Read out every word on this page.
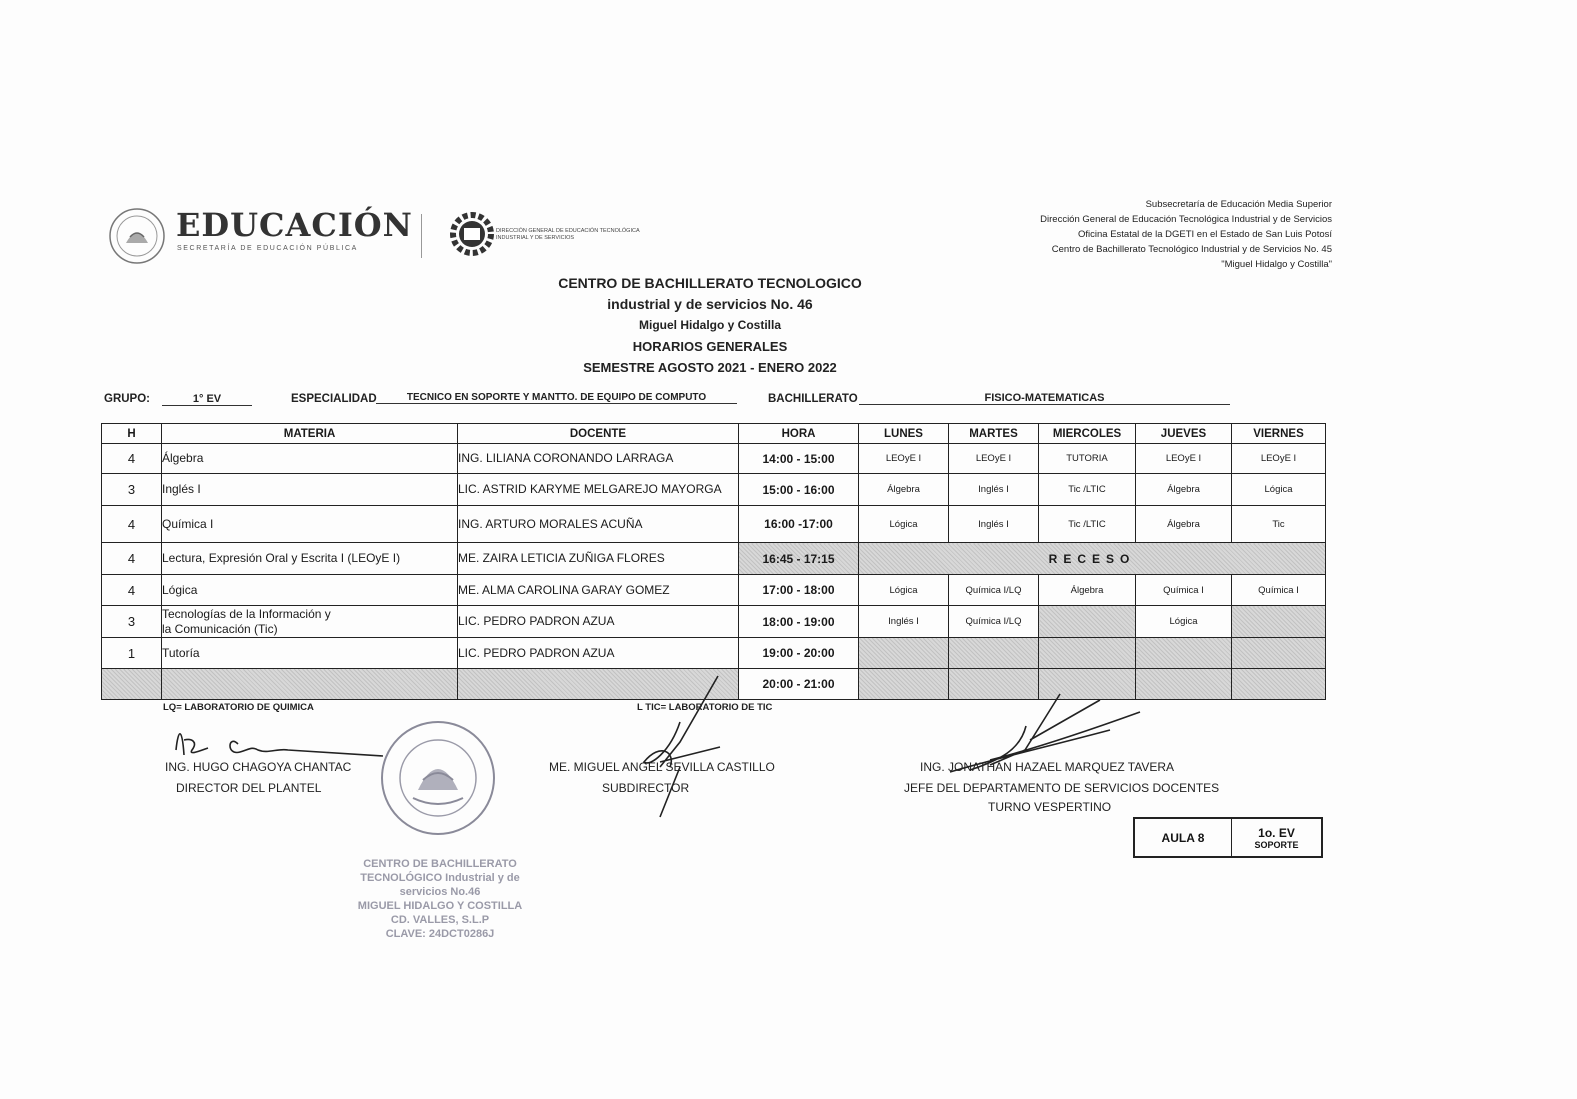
EDUCACIÓN
SECRETARÍA DE EDUCACIÓN PÚBLICA
DIRECCIÓN GENERAL DE EDUCACIÓN TECNOLÓGICA INDUSTRIAL Y DE SERVICIOS
Subsecretaría de Educación Media Superior
Dirección General de Educación Tecnológica Industrial y de Servicios
Oficina Estatal de la DGETI en el Estado de San Luis Potosí
Centro de Bachillerato Tecnológico Industrial y de Servicios No. 45
"Miguel Hidalgo y Costilla"
CENTRO DE BACHILLERATO TECNOLOGICO
industrial y de servicios No. 46
Miguel Hidalgo y Costilla
HORARIOS GENERALES
SEMESTRE AGOSTO 2021 - ENERO 2022
GRUPO:	1° EV	ESPECIALIDAD	TECNICO EN SOPORTE Y MANTTO. DE EQUIPO DE COMPUTO	BACHILLERATO	FISICO-MATEMATICAS
H	MATERIA	DOCENTE	HORA	LUNES	MARTES	MIERCOLES	JUEVES	VIERNES
4	Álgebra	ING. LILIANA CORONANDO LARRAGA	14:00 - 15:00	LEOyE I	LEOyE I	TUTORIA	LEOyE I	LEOyE I
3	Inglés I	LIC. ASTRID KARYME MELGAREJO MAYORGA	15:00 - 16:00	Álgebra	Inglés I	Tic /LTIC	Álgebra	Lógica
4	Química I	ING. ARTURO MORALES ACUÑA	16:00 -17:00	Lógica	Inglés I	Tic /LTIC	Álgebra	Tic
4	Lectura, Expresión Oral y Escrita I (LEOyE I)	ME. ZAIRA LETICIA ZUÑIGA FLORES	16:45 - 17:15	RECESO				
4	Lógica	ME. ALMA CAROLINA GARAY GOMEZ	17:00 - 18:00	Lógica	Química I/LQ	Álgebra	Química I	Química I
3	Tecnologías de la Información y
la Comunicación (Tic)	LIC. PEDRO PADRON AZUA	18:00 - 19:00	Inglés I	Química I/LQ		Lógica	
1	Tutoría	LIC. PEDRO PADRON AZUA	19:00 - 20:00					
			20:00 - 21:00					
LQ= LABORATORIO DE QUIMICA	L TIC= LABORATORIO DE TIC
ING. HUGO CHAGOYA CHANTAC
DIRECTOR DEL PLANTEL
ME. MIGUEL ANGEL SEVILLA CASTILLO
SUBDIRECTOR
ING. JONATHAN HAZAEL MARQUEZ TAVERA
JEFE DEL DEPARTAMENTO DE SERVICIOS DOCENTES
TURNO VESPERTINO
AULA 8	1o. EV
SOPORTE
CENTRO DE BACHILLERATO
TECNOLÓGICO Industrial y de
servicios No.46
MIGUEL HIDALGO Y COSTILLA
CD. VALLES, S.L.P
CLAVE: 24DCT0286J
